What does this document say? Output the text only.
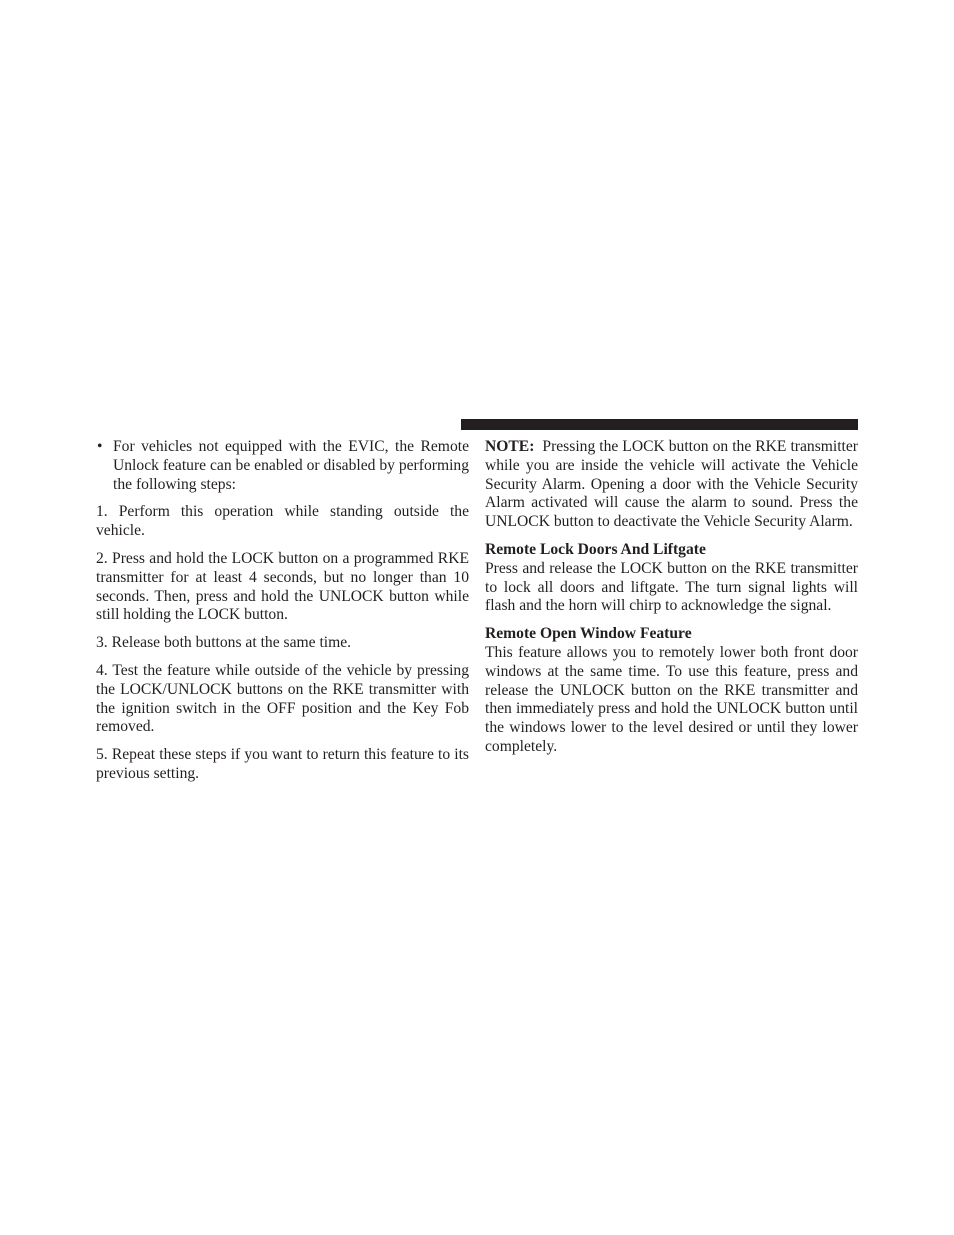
• For vehicles not equipped with the EVIC, the Remote Unlock feature can be enabled or disabled by performing the following steps:

1. Perform this operation while standing outside the vehicle.

2. Press and hold the LOCK button on a programmed RKE transmitter for at least 4 seconds, but no longer than 10 seconds. Then, press and hold the UNLOCK button while still holding the LOCK button.

3. Release both buttons at the same time.

4. Test the feature while outside of the vehicle by pressing the LOCK/UNLOCK buttons on the RKE transmitter with the ignition switch in the OFF position and the Key Fob removed.

5. Repeat these steps if you want to return this feature to its previous setting.

NOTE: Pressing the LOCK button on the RKE transmitter while you are inside the vehicle will activate the Vehicle Security Alarm. Opening a door with the Vehicle Security Alarm activated will cause the alarm to sound. Press the UNLOCK button to deactivate the Vehicle Security Alarm.

Remote Lock Doors And Liftgate

Press and release the LOCK button on the RKE transmitter to lock all doors and liftgate. The turn signal lights will flash and the horn will chirp to acknowledge the signal.

Remote Open Window Feature

This feature allows you to remotely lower both front door windows at the same time. To use this feature, press and release the UNLOCK button on the RKE transmitter and then immediately press and hold the UNLOCK button until the windows lower to the level desired or until they lower completely.
